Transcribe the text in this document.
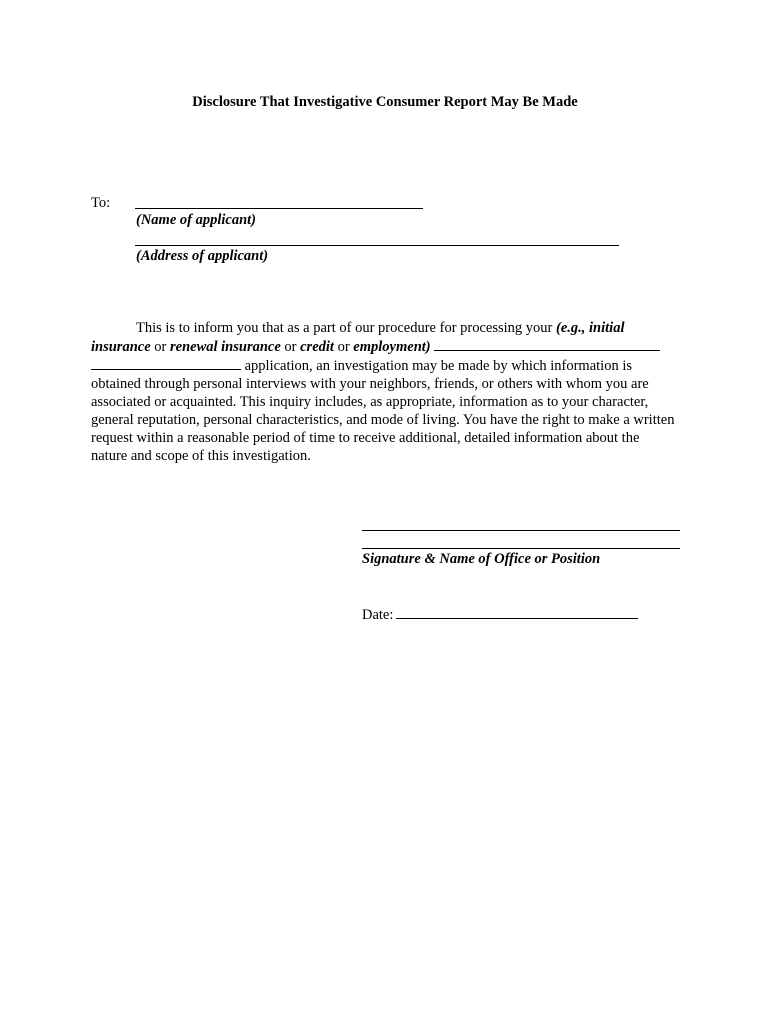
Disclosure That Investigative Consumer Report May Be Made
To:
(Name of applicant)
(Address of applicant)
This is to inform you that as a part of our procedure for processing your (e.g., initial insurance or renewal insurance or credit or employment)   application, an investigation may be made by which information is obtained through personal interviews with your neighbors, friends, or others with whom you are associated or acquainted. This inquiry includes, as appropriate, information as to your character, general reputation, personal characteristics, and mode of living. You have the right to make a written request within a reasonable period of time to receive additional, detailed information about the nature and scope of this investigation.
Signature & Name of Office or Position
Date:
